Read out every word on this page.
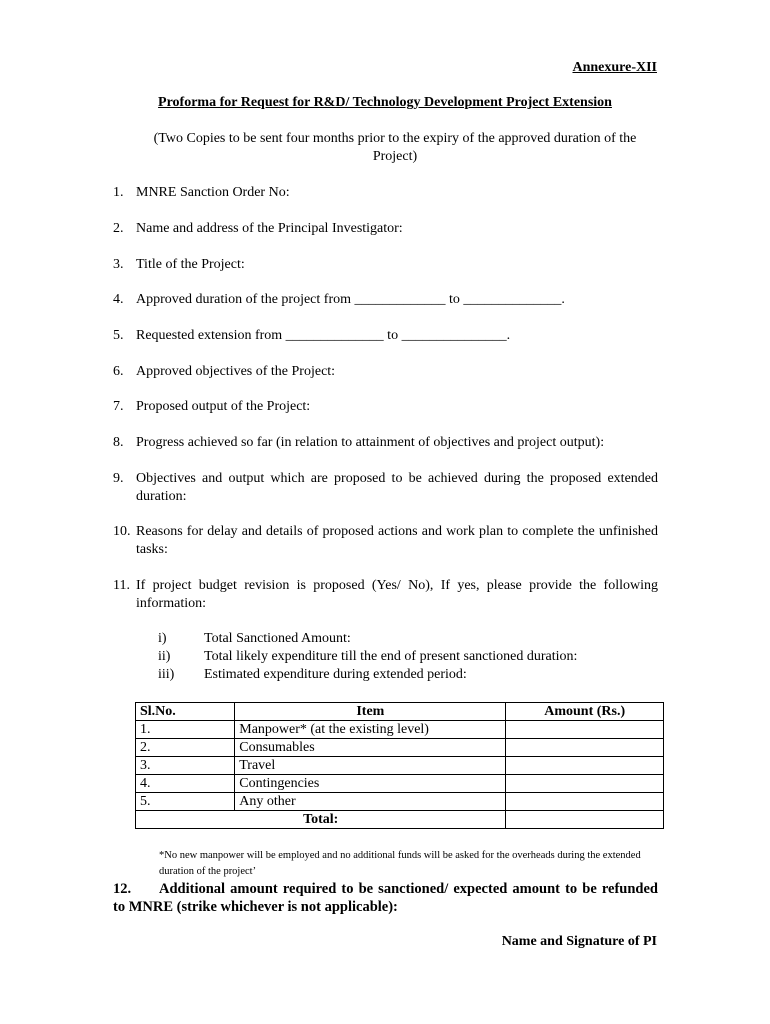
Annexure-XII
Proforma for Request for R&D/ Technology Development Project Extension
(Two Copies to be sent four months prior to the expiry of the approved duration of the Project)
1. MNRE Sanction Order No:
2. Name and address of the Principal Investigator:
3. Title of the Project:
4. Approved duration of the project from _____________ to ______________.
5. Requested extension from ______________ to _______________.
6. Approved objectives of the Project:
7. Proposed output of the Project:
8. Progress achieved so far (in relation to attainment of objectives and project output):
9. Objectives and output which are proposed to be achieved during the proposed extended duration:
10. Reasons for delay and details of proposed actions and work plan to complete the unfinished tasks:
11. If project budget revision is proposed (Yes/ No), If yes, please provide the following information:
i)	Total Sanctioned Amount:
ii) Total likely expenditure till the end of present sanctioned duration:
iii) Estimated expenditure during extended period:
Sl.No.	Item	Amount (Rs.)
1.	Manpower* (at the existing level)	
2.	Consumables	
3.	Travel	
4.	Contingencies	
5.	Any other	
Total:		
*No new manpower will be employed and no additional funds will be asked for the overheads during the extended duration of the project’
12. Additional amount required to be sanctioned/ expected amount to be refunded to MNRE (strike whichever is not applicable):
Name and Signature of PI
